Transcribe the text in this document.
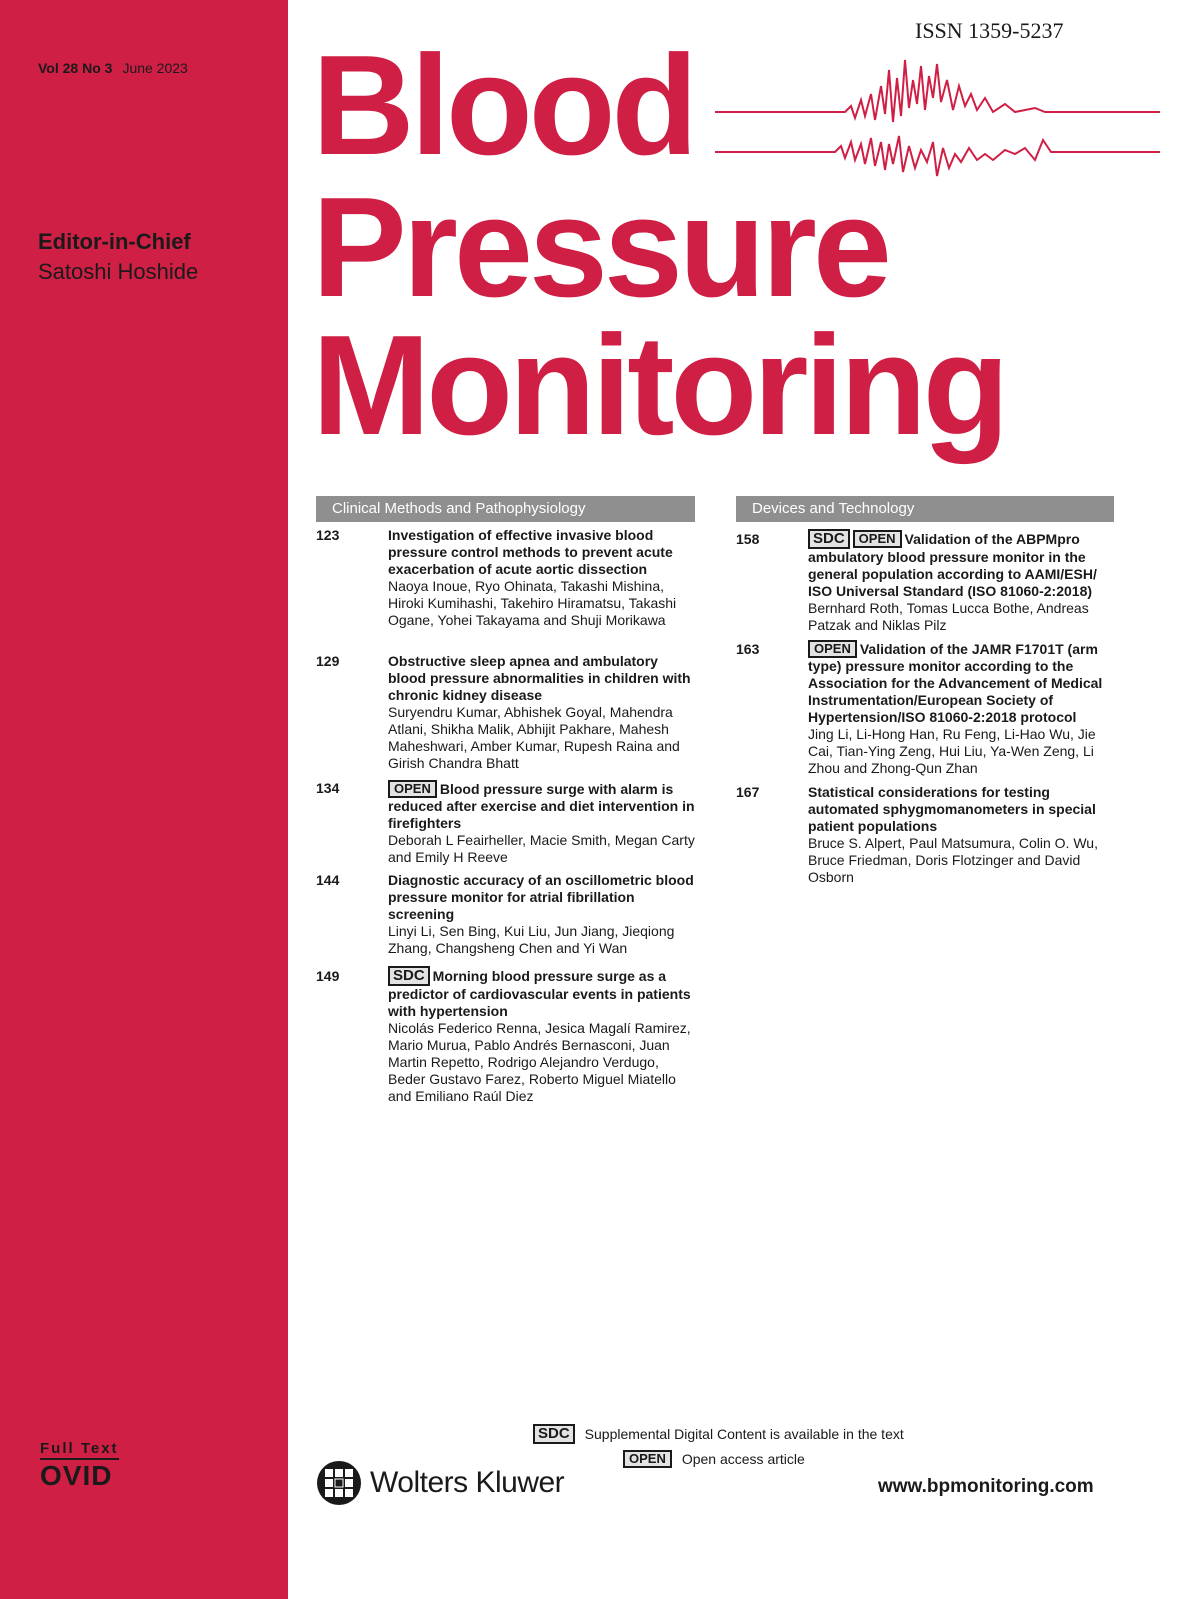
Vol 28 No 3 June 2023
Editor-in-Chief
Satoshi Hoshide
Full Text
OVID
ISSN 1359-5237
Blood
Pressure
Monitoring
Clinical Methods and Pathophysiology	Devices and Technology
123	Investigation of effective invasive blood pressure control methods to prevent acute exacerbation of acute aortic dissection
Naoya Inoue, Ryo Ohinata, Takashi Mishina, Hiroki Kumihashi, Takehiro Hiramatsu, Takashi Ogane, Yohei Takayama and Shuji Morikawa
129	Obstructive sleep apnea and ambulatory blood pressure abnormalities in children with chronic kidney disease
Suryendru Kumar, Abhishek Goyal, Mahendra Atlani, Shikha Malik, Abhijit Pakhare, Mahesh Maheshwari, Amber Kumar, Rupesh Raina and Girish Chandra Bhatt
134	OPEN Blood pressure surge with alarm is reduced after exercise and diet intervention in firefighters
Deborah L Feairheller, Macie Smith, Megan Carty and Emily H Reeve
144	Diagnostic accuracy of an oscillometric blood pressure monitor for atrial fibrillation screening
Linyi Li, Sen Bing, Kui Liu, Jun Jiang, Jieqiong Zhang, Changsheng Chen and Yi Wan
149	SDC Morning blood pressure surge as a predictor of cardiovascular events in patients with hypertension
Nicolás Federico Renna, Jesica Magalí Ramirez, Mario Murua, Pablo Andrés Bernasconi, Juan Martin Repetto, Rodrigo Alejandro Verdugo, Beder Gustavo Farez, Roberto Miguel Miatello and Emiliano Raúl Diez
158	SDC OPEN Validation of the ABPMpro ambulatory blood pressure monitor in the general population according to AAMI/ESH/ ISO Universal Standard (ISO 81060-2:2018)
Bernhard Roth, Tomas Lucca Bothe, Andreas Patzak and Niklas Pilz
163	OPEN Validation of the JAMR F1701T (arm type) pressure monitor according to the Association for the Advancement of Medical Instrumentation/European Society of Hypertension/ISO 81060-2:2018 protocol
Jing Li, Li-Hong Han, Ru Feng, Li-Hao Wu, Jie Cai, Tian-Ying Zeng, Hui Liu, Ya-Wen Zeng, Li Zhou and Zhong-Qun Zhan
167	Statistical considerations for testing automated sphygmomanometers in special patient populations
Bruce S. Alpert, Paul Matsumura, Colin O. Wu, Bruce Friedman, Doris Flotzinger and David Osborn
SDC Supplemental Digital Content is available in the text
OPEN Open access article
Wolters Kluwer	www.bpmonitoring.com
